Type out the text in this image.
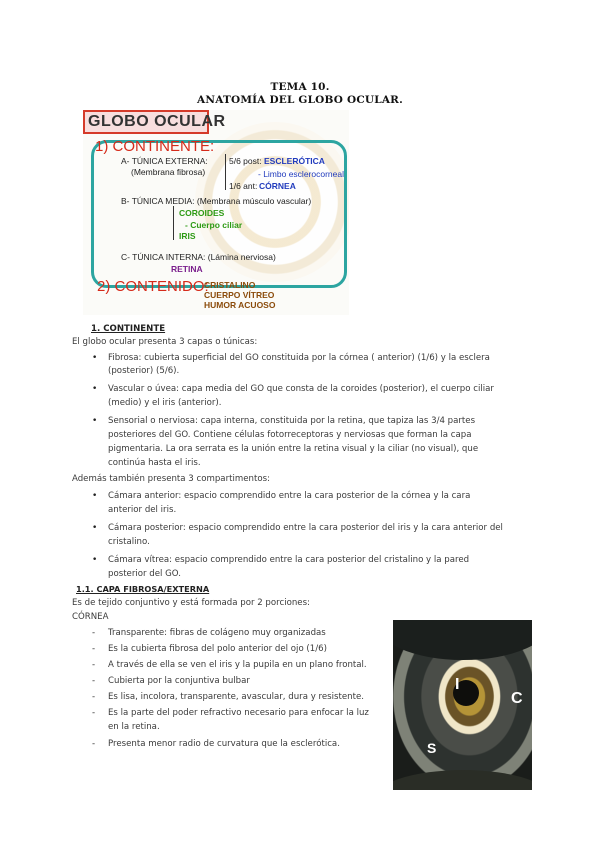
TEMA 10.
ANATOMÍA DEL GLOBO OCULAR.
GLOBO OCULAR
1) CONTINENTE:
A- TÚNICA EXTERNA:
(Membrana fibrosa)
5/6 post: ESCLERÓTICA
- Limbo esclerocorneal
1/6 ant: CÓRNEA
B- TÚNICA MEDIA: (Membrana músculo vascular)
COROIDES
- Cuerpo ciliar
IRIS
C- TÚNICA INTERNA: (Lámina nerviosa)
RETINA
2) CONTENIDO:
CRISTALINO
CUERPO VÍTREO
HUMOR ACUOSO
1. CONTINENTE
El globo ocular presenta 3 capas o túnicas:
• Fibrosa: cubierta superficial del GO constituida por la córnea ( anterior) (1/6) y la esclera
(posterior) (5/6).
• Vascular o úvea: capa media del GO que consta de la coroides (posterior), el cuerpo ciliar
(medio) y el iris (anterior).
• Sensorial o nerviosa: capa interna, constituida por la retina, que tapiza las 3/4 partes
posteriores del GO. Contiene células fotorreceptoras y nerviosas que forman la capa
pigmentaria. La ora serrata es la unión entre la retina visual y la ciliar (no visual), que
continúa hasta el iris.
Además también presenta 3 compartimentos:
• Cámara anterior: espacio comprendido entre la cara posterior de la córnea y la cara
anterior del iris.
• Cámara posterior: espacio comprendido entre la cara posterior del iris y la cara anterior del
cristalino.
• Cámara vítrea: espacio comprendido entre la cara posterior del cristalino y la pared
posterior del GO.
1.1. CAPA FIBROSA/EXTERNA
Es de tejido conjuntivo y está formada por 2 porciones:
CÓRNEA
- Transparente: fibras de colágeno muy organizadas
- Es la cubierta fibrosa del polo anterior del ojo (1/6)
- A través de ella se ven el iris y la pupila en un plano frontal.
- Cubierta por la conjuntiva bulbar
- Es lisa, incolora, transparente, avascular, dura y resistente.
- Es la parte del poder refractivo necesario para enfocar la luz
en la retina.
- Presenta menor radio de curvatura que la esclerótica.
I
C
S
